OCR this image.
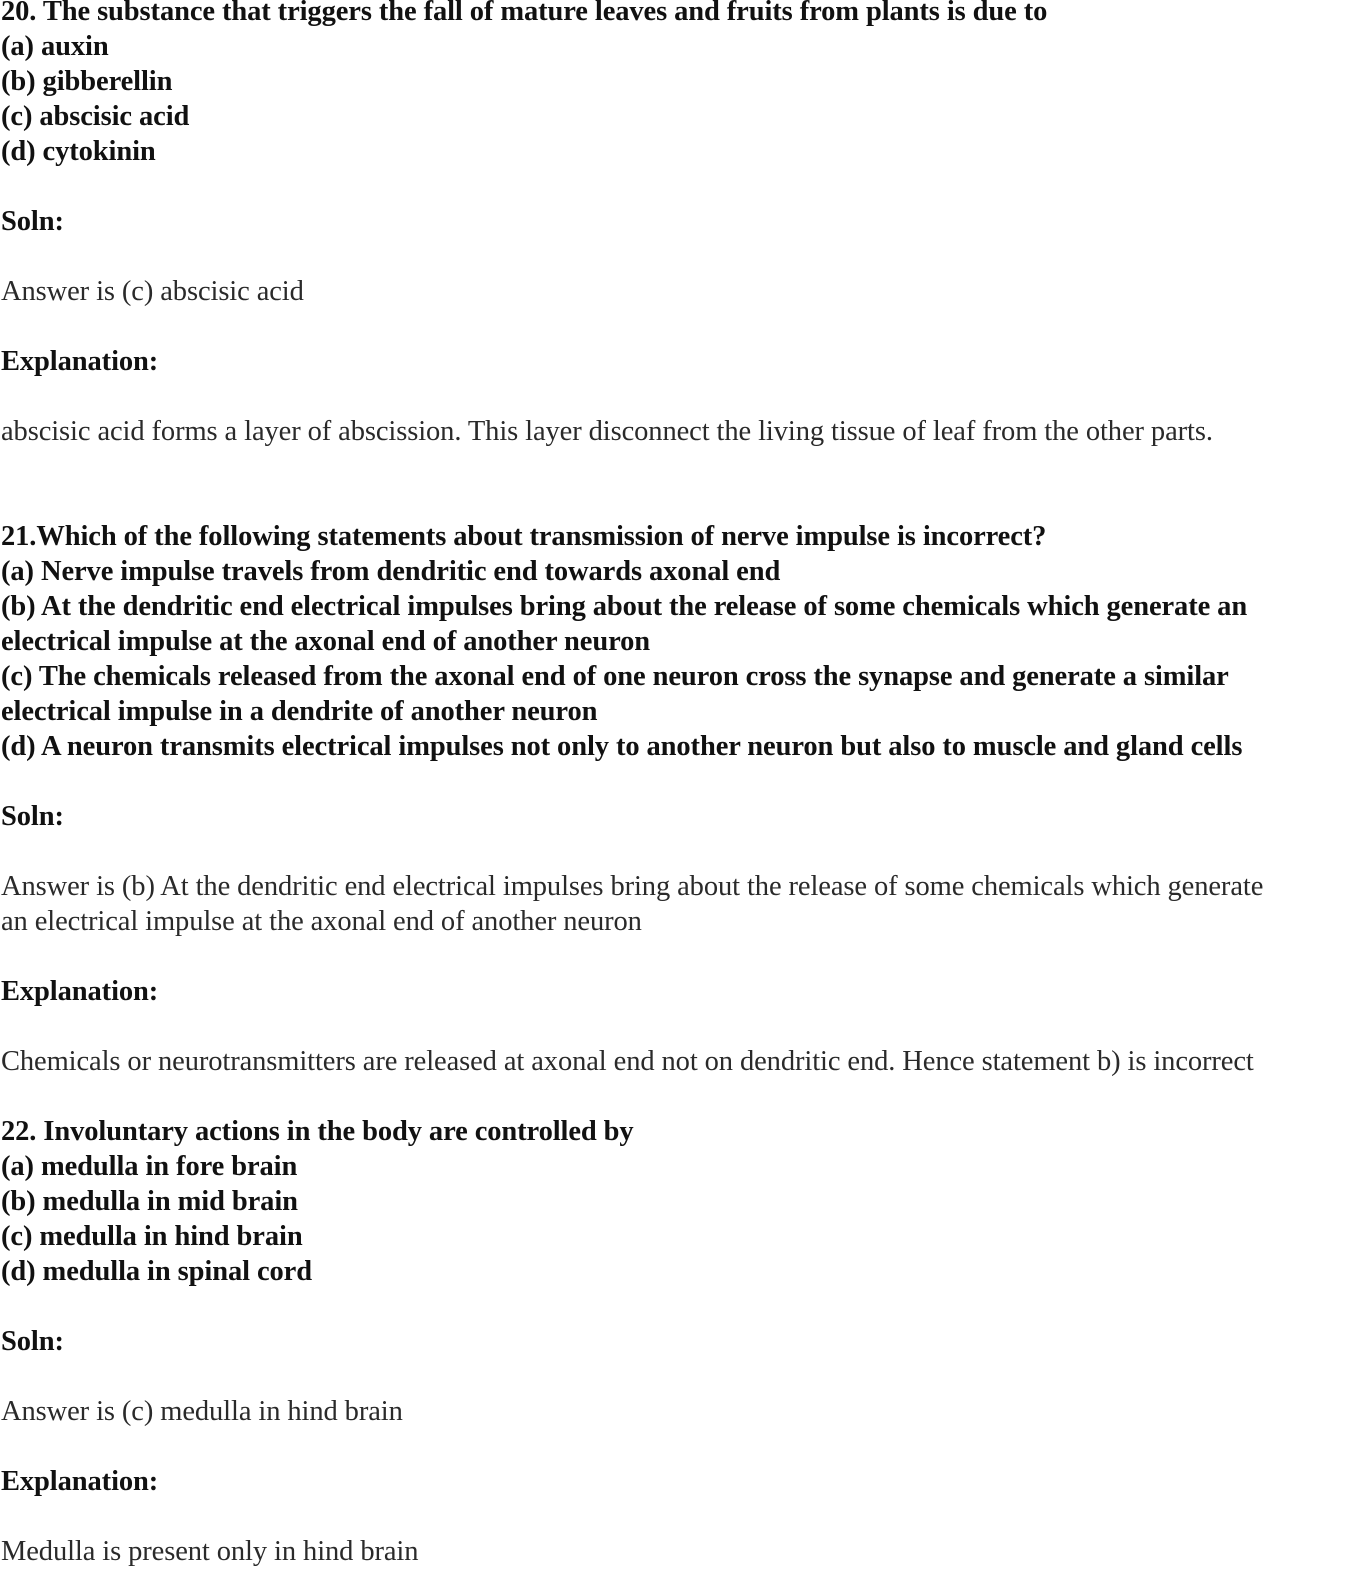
20. The substance that triggers the fall of mature leaves and fruits from plants is due to

(a) auxin

(b) gibberellin

(c) abscisic acid

(d) cytokinin

Soln:

Answer is (c) abscisic acid

Explanation:

abscisic acid forms a layer of abscission. This layer disconnect the living tissue of leaf from the other parts.

21.Which of the following statements about transmission of nerve impulse is incorrect?

(a) Nerve impulse travels from dendritic end towards axonal end

(b) At the dendritic end electrical impulses bring about the release of some chemicals which generate an

electrical impulse at the axonal end of another neuron

(c) The chemicals released from the axonal end of one neuron cross the synapse and generate a similar

electrical impulse in a dendrite of another neuron

(d) A neuron transmits electrical impulses not only to another neuron but also to muscle and gland cells

Soln:

Answer is (b) At the dendritic end electrical impulses bring about the release of some chemicals which generate

an electrical impulse at the axonal end of another neuron

Explanation:

Chemicals or neurotransmitters are released at axonal end not on dendritic end. Hence statement b) is incorrect

22. Involuntary actions in the body are controlled by

(a) medulla in fore brain

(b) medulla in mid brain

(c) medulla in hind brain

(d) medulla in spinal cord

Soln:

Answer is (c) medulla in hind brain

Explanation:

Medulla is present only in hind brain
